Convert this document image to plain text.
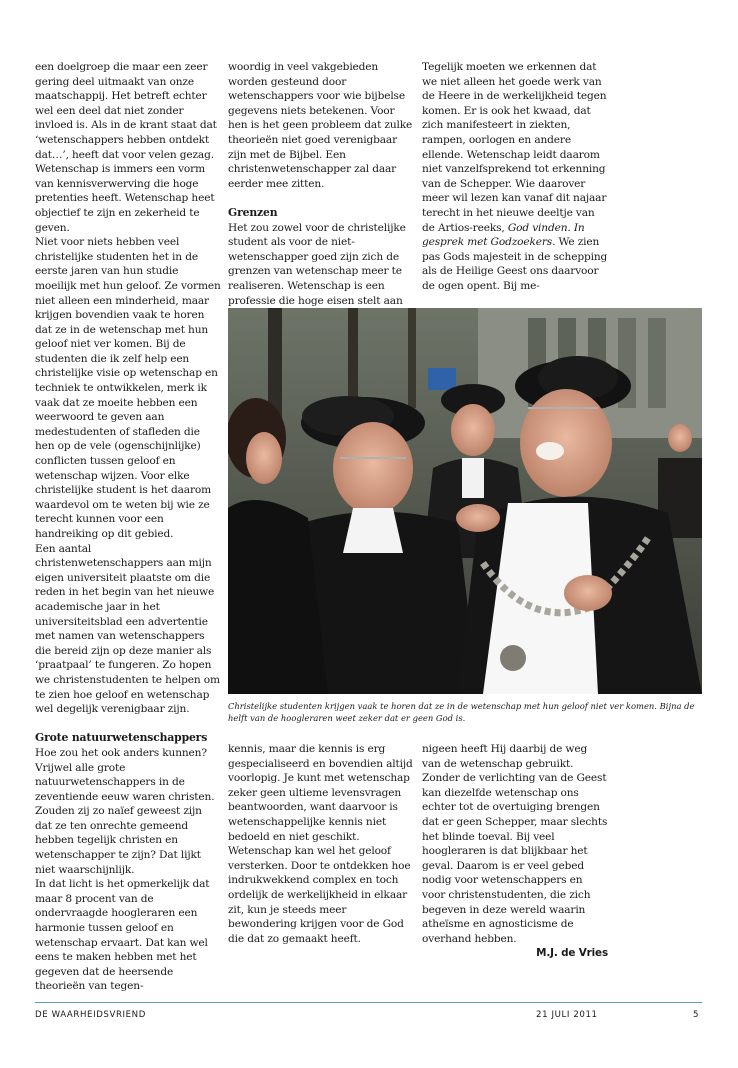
een doelgroep die maar een zeer gering deel uitmaakt van onze maatschappij. Het betreft echter wel een deel dat niet zonder invloed is. Als in de krant staat dat ‘wetenschappers hebben ontdekt dat…’, heeft dat voor velen gezag. Wetenschap is immers een vorm van kennisverwerving die hoge pretenties heeft. Wetenschap heet objectief te zijn en zekerheid te geven.

Niet voor niets hebben veel christelijke studenten het in de eerste jaren van hun studie moeilijk met hun geloof. Ze vormen niet alleen een minderheid, maar krijgen bovendien vaak te horen dat ze in de wetenschap met hun geloof niet ver komen. Bij de studenten die ik zelf help een christelijke visie op wetenschap en techniek te ontwikkelen, merk ik vaak dat ze moeite hebben een weerwoord te geven aan medestudenten of stafleden die hen op de vele (ogenschijnlijke) conflicten tussen geloof en wetenschap wijzen. Voor elke christelijke student is het daarom waardevol om te weten bij wie ze terecht kunnen voor een handreiking op dit gebied.

Een aantal christenwetenschappers aan mijn eigen universiteit plaatste om die reden in het begin van het nieuwe academische jaar in het universiteitsblad een advertentie met namen van wetenschappers die bereid zijn op deze manier als ‘praatpaal’ te fungeren. Zo hopen we christenstudenten te helpen om te zien hoe geloof en wetenschap wel degelijk verenigbaar zijn.

Grote natuurwetenschappers

Hoe zou het ook anders kunnen? Vrijwel alle grote natuurwetenschappers in de zeventiende eeuw waren christen. Zouden zij zo naïef geweest zijn dat ze ten onrechte gemeend hebben tegelijk christen en wetenschapper te zijn? Dat lijkt niet waarschijnlijk.

In dat licht is het opmerkelijk dat maar 8 procent van de ondervraagde hoogleraren een harmonie tussen geloof en wetenschap ervaart. Dat kan wel eens te maken hebben met het gegeven dat de heersende theorieën van tegen-

woordig in veel vakgebieden worden gesteund door wetenschappers voor wie bijbelse gegevens niets betekenen. Voor hen is het geen probleem dat zulke theorieën niet goed verenigbaar zijn met de Bijbel. Een christenwetenschapper zal daar eerder mee zitten.

Grenzen

Het zou zowel voor de christelijke student als voor de niet-wetenschapper goed zijn zich de grenzen van wetenschap meer te realiseren. Wetenschap is een professie die hoge eisen stelt aan

Tegelijk moeten we erkennen dat we niet alleen het goede werk van de Heere in de werkelijkheid tegen komen. Er is ook het kwaad, dat zich manifesteert in ziekten, rampen, oorlogen en andere ellende. Wetenschap leidt daarom niet vanzelfsprekend tot erkenning van de Schepper. Wie daarover meer wil lezen kan vanaf dit najaar terecht in het nieuwe deeltje van de Artios-reeks, God vinden. In gesprek met Godzoekers. We zien pas Gods majesteit in de schepping als de Heilige Geest ons daarvoor de ogen opent. Bij me-

Christelijke studenten krijgen vaak te horen dat ze in de wetenschap met hun geloof niet ver komen. Bijna de helft van de hoogleraren weet zeker dat er geen God is.

kennis, maar die kennis is erg gespecialiseerd en bovendien altijd voorlopig. Je kunt met wetenschap zeker geen ultieme levensvragen beantwoorden, want daarvoor is wetenschappelijke kennis niet bedoeld en niet geschikt.

Wetenschap kan wel het geloof versterken. Door te ontdekken hoe indrukwekkend complex en toch ordelijk de werkelijkheid in elkaar zit, kun je steeds meer bewondering krijgen voor de God die dat zo gemaakt heeft.

nigeen heeft Hij daarbij de weg van de wetenschap gebruikt. Zonder de verlichting van de Geest kan diezelfde wetenschap ons echter tot de overtuiging brengen dat er geen Schepper, maar slechts het blinde toeval. Bij veel hoogleraren is dat blijkbaar het geval. Daarom is er veel gebed nodig voor wetenschappers en voor christenstudenten, die zich begeven in deze wereld waarin atheïsme en agnosticisme de overhand hebben.

M.J. de Vries

DE WAARHEIDSVRIEND	21 JULI 2011	5
